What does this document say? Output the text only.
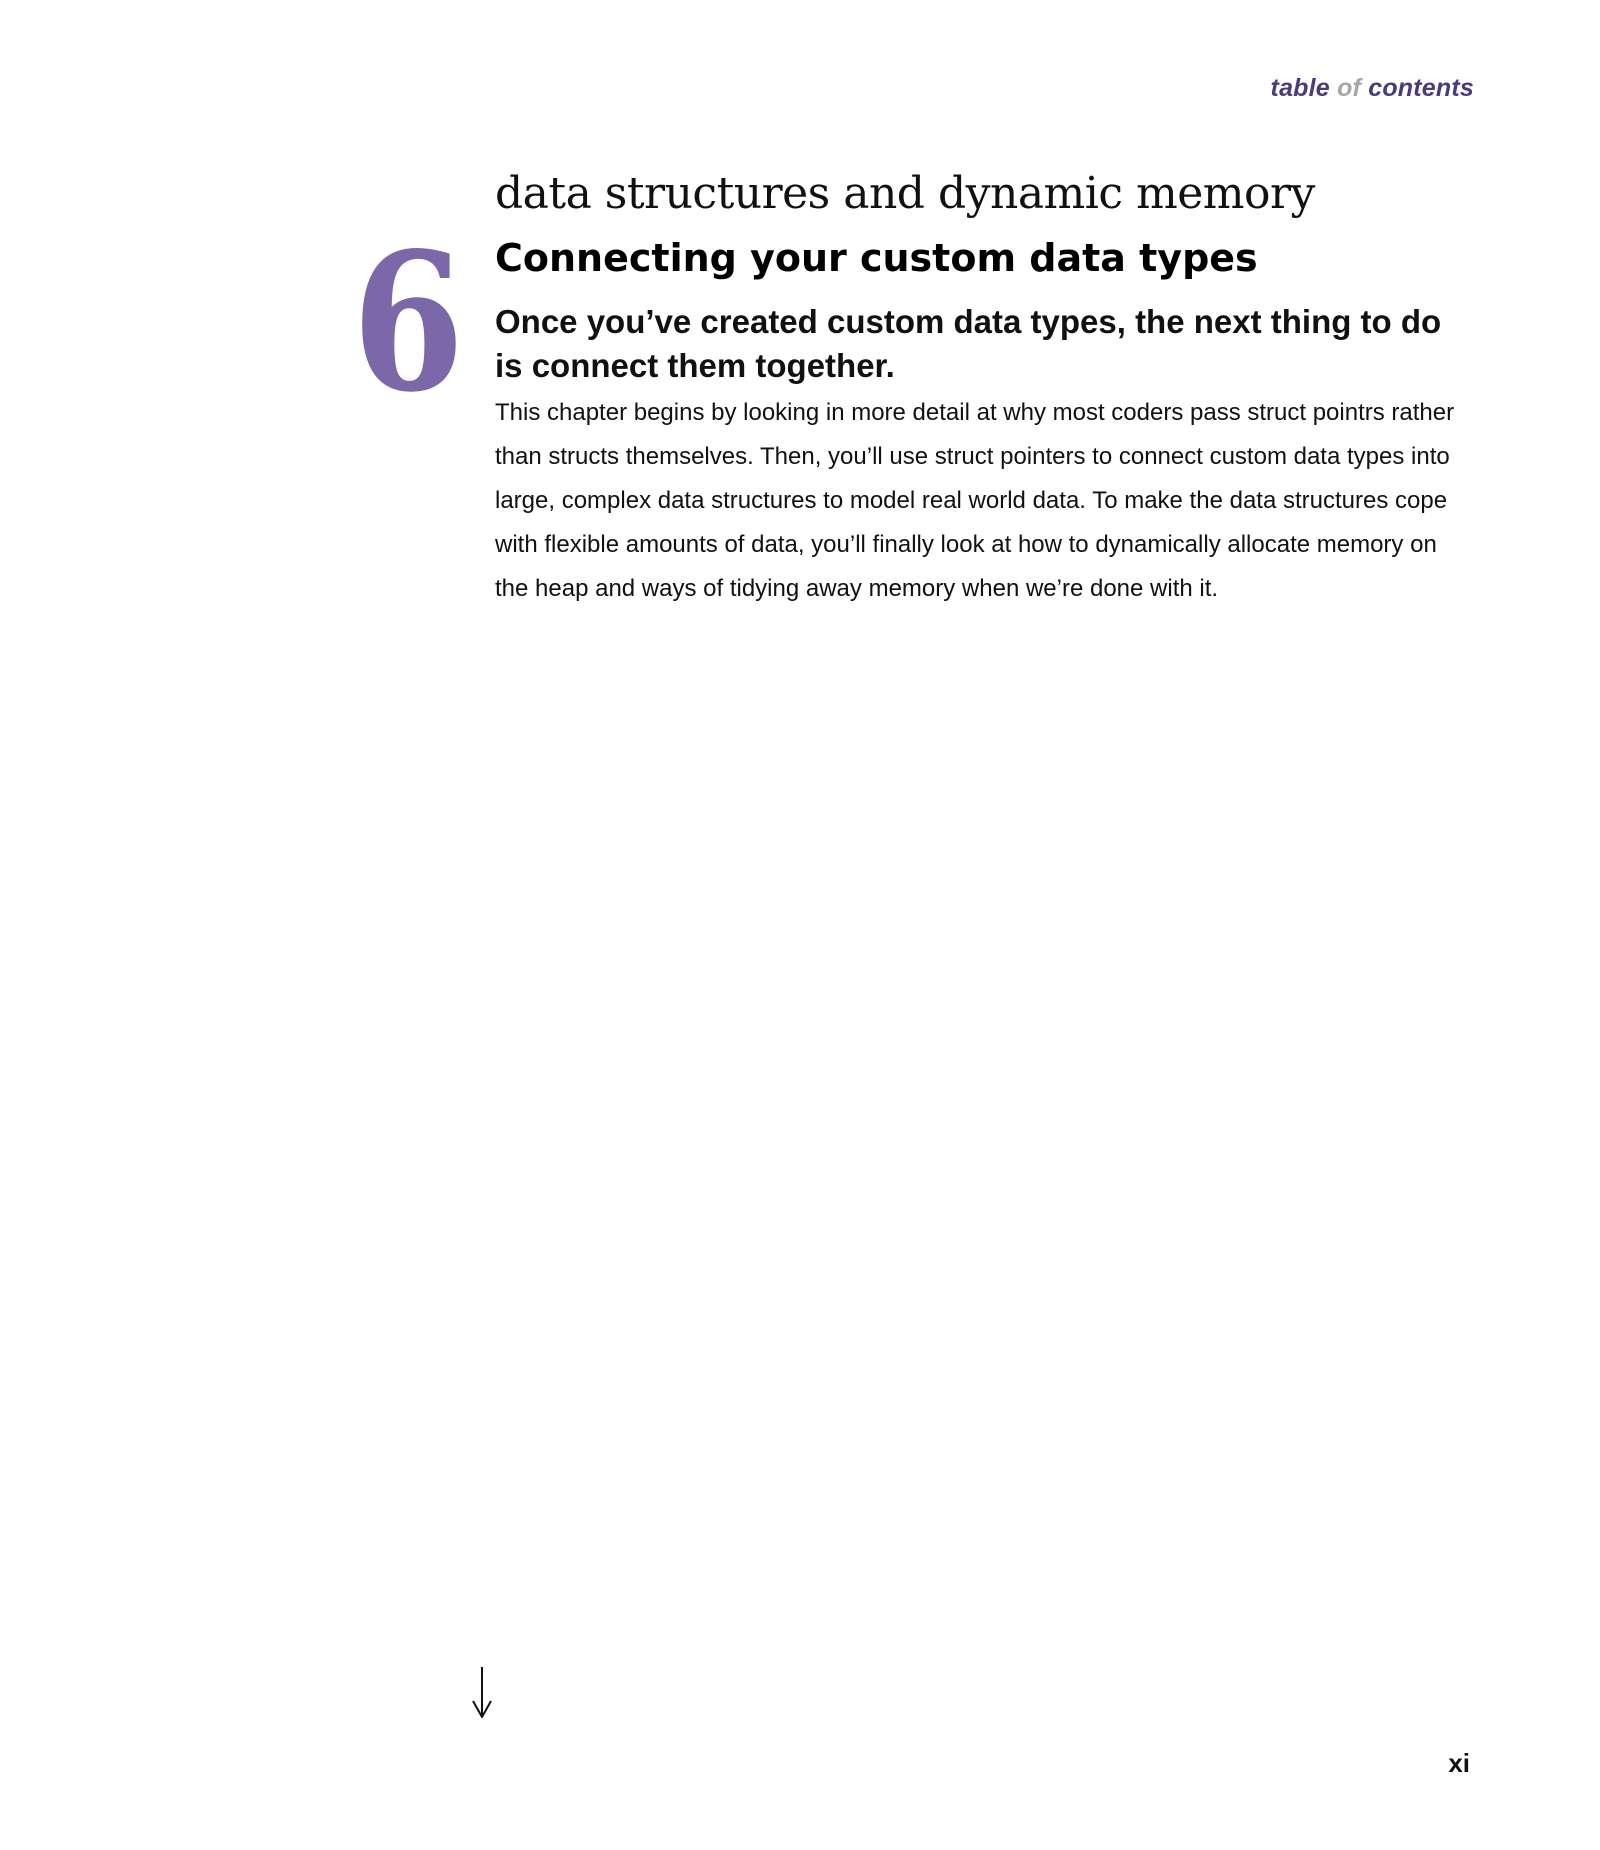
table of contents
6
data structures and dynamic memory
Connecting your custom data types
Once you’ve created custom data types, the next thing to do is connect them together.

This chapter begins by looking in more detail at why most coders pass struct pointrs rather than structs themselves. Then, you’ll use struct pointers to connect custom data types into large, complex data structures to model real world data. To make the data structures cope with flexible amounts of data, you’ll finally look at how to dynamically allocate memory on the heap and ways of tidying away memory when we’re done with it.

xi
